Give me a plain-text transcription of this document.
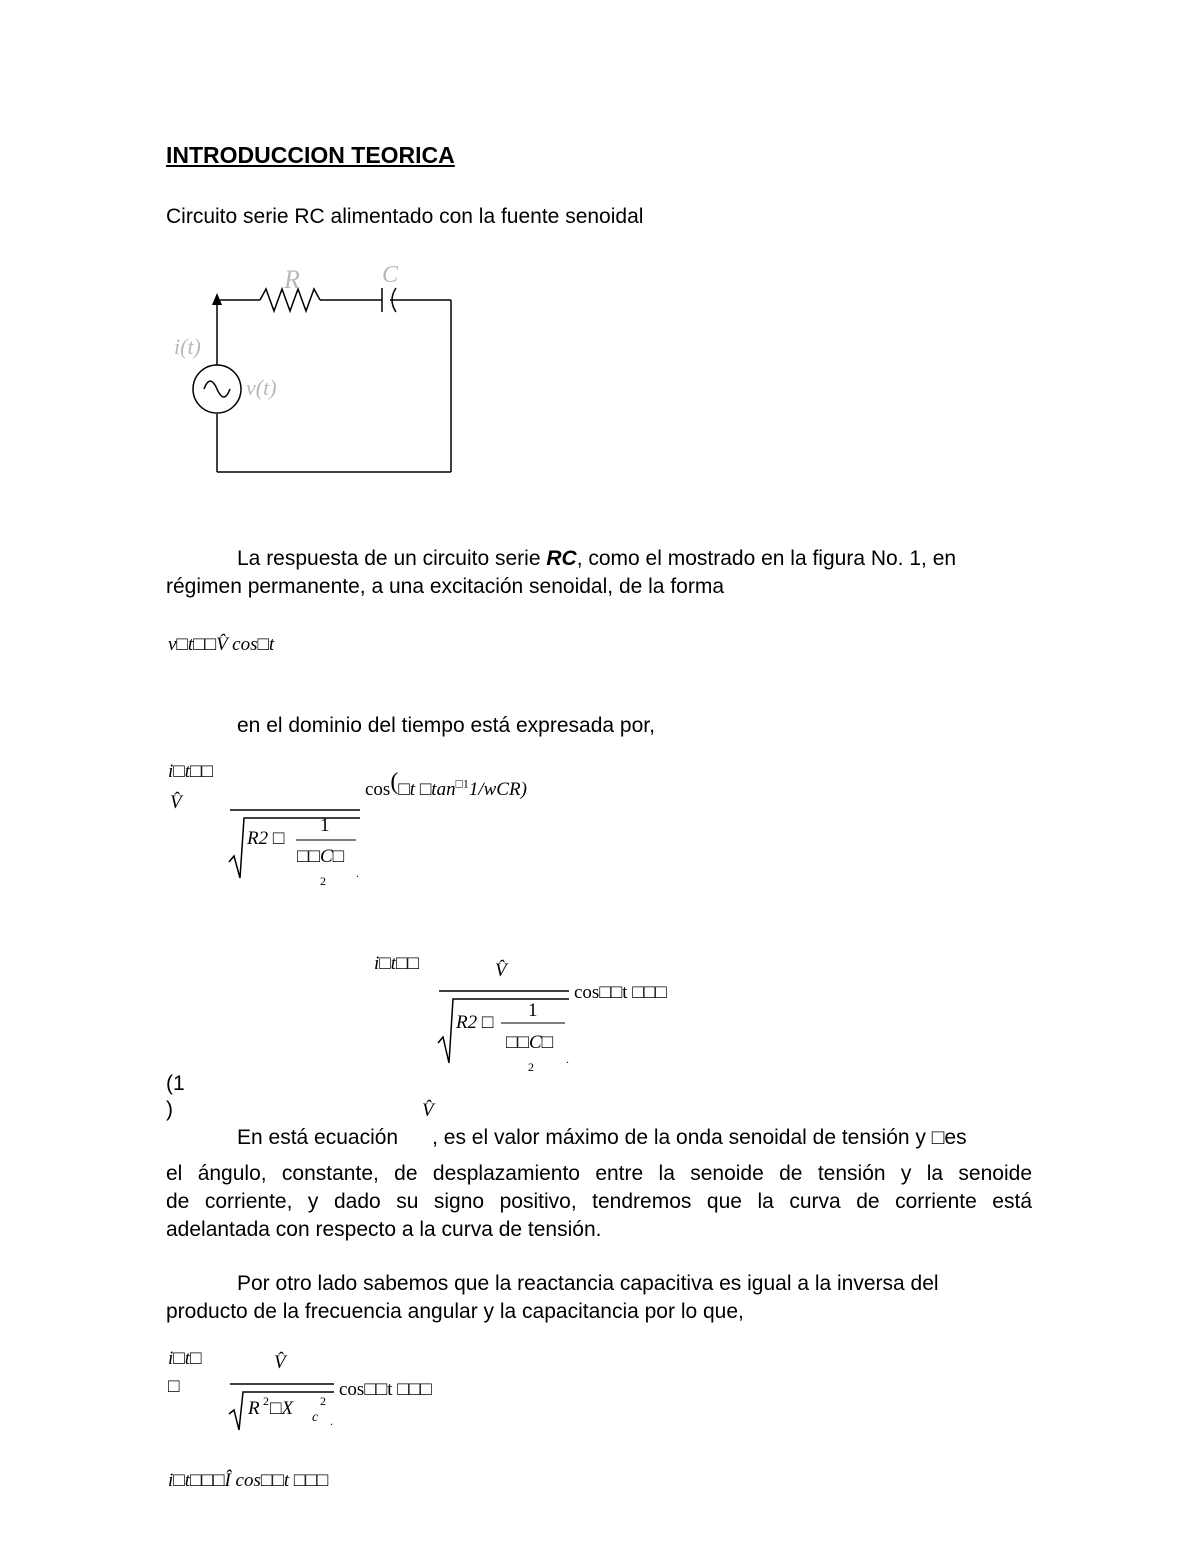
INTRODUCCION TEORICA
Circuito serie RC alimentado con la fuente senoidal
R	C
i(t)
v(t)
La respuesta de un circuito serie RC, como el mostrado en la figura No. 1, en
régimen permanente, a una excitación senoidal, de la forma
v□t□□V̂ cos□t
en el dominio del tiempo está expresada por,
i□t□□
V̂
cos(□t $□\tan^{□1}1/wCR$)
R2 □
1
□□C□
2
.
i□t□□	V̂
cos□□t □□□
R2 □
1
□□C□
2
.
(1
)	V̂
En está ecuación , es el valor máximo de la onda senoidal de tensión y □es
el ángulo, constante, de desplazamiento entre la senoide de tensión y la senoide
de corriente, y dado su signo positivo, tendremos que la curva de corriente está
adelantada con respecto a la curva de tensión.
Por otro lado sabemos que la reactancia capacitiva es igual a la inversa del
producto de la frecuencia angular y la capacitancia por lo que,
i□t□
□
V̂
R 2 □X c
2
.
cos□□t □□□
i□t□□□Î cos□□t □□□
